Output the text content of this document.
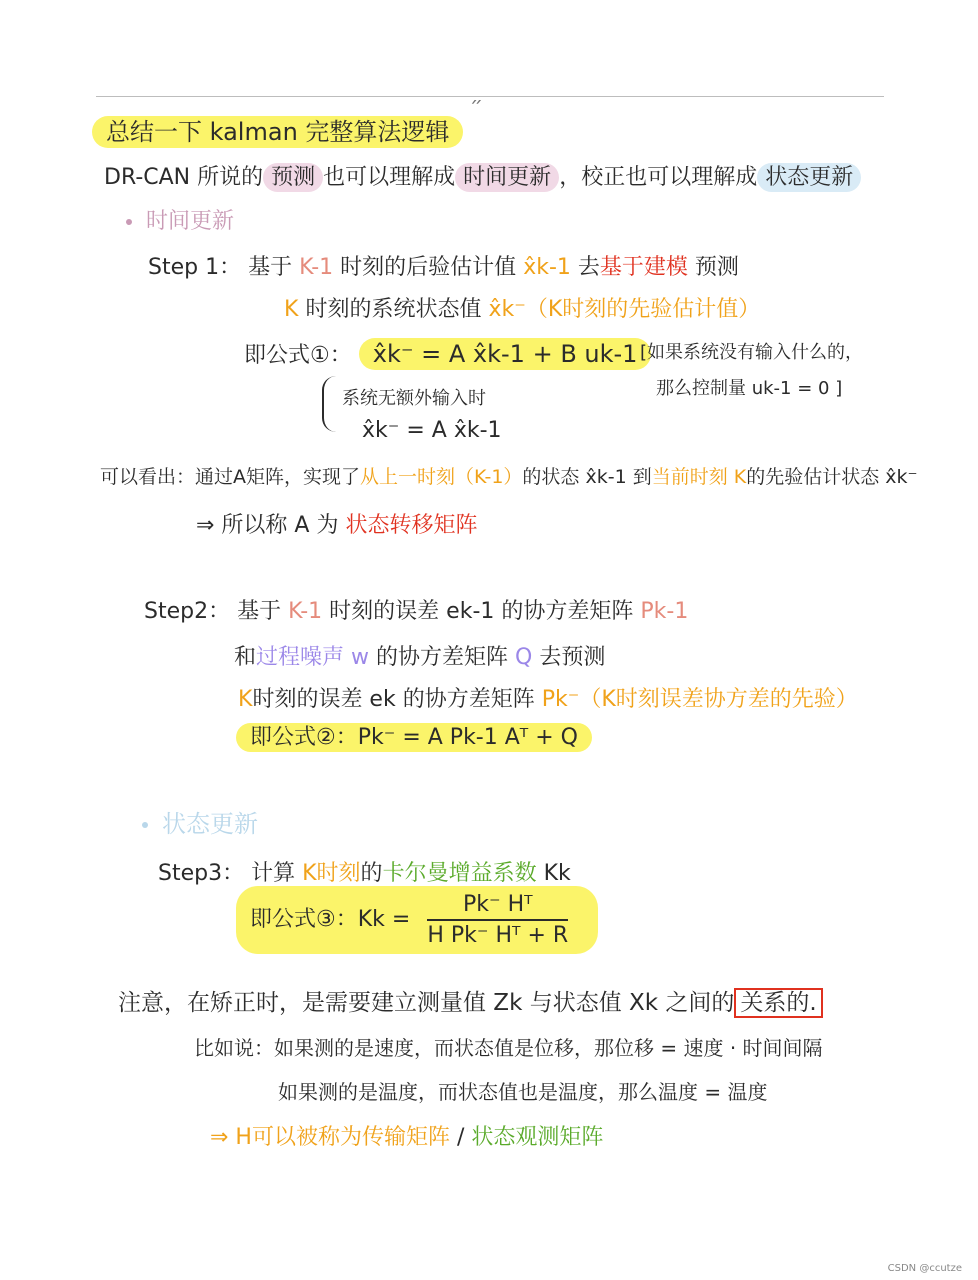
״
总结一下 kalman 完整算法逻辑
DR-CAN 所说的 预测 也可以理解成 时间更新 ，校正也可以理解成 状态更新
时间更新
Step 1： 基于 K-1 时刻的后验估计值 x̂k-1 去基于建模 预测
K 时刻的系统状态值 x̂k⁻（K时刻的先验估计值）
即公式①： x̂k⁻ = A x̂k-1 + B uk-1 [如果系统没有输入什么的，
那么控制量 uk-1 = 0 ]
系统无额外输入时
x̂k⁻ = A x̂k-1
可以看出：通过A矩阵，实现了从上一时刻（K-1）的状态 x̂k-1 到当前时刻 K的先验估计状态 x̂k⁻
⇒ 所以称 A 为 状态转移矩阵
Step2： 基于 K-1 时刻的误差 ek-1 的协方差矩阵 Pk-1
和过程噪声 w 的协方差矩阵 Q 去预测
K时刻的误差 ek 的协方差矩阵 Pk⁻（K时刻误差协方差的先验）
即公式②：Pk⁻ = A Pk-1 Aᵀ + Q
状态更新
Step3： 计算 K时刻的卡尔曼增益系数 Kk
即公式③：$Kk = \frac{\text{Pk⁻ Hᵀ}}{\text{H Pk⁻ Hᵀ + R}}$
注意，在矫正时，是需要建立测量值 Zk 与状态值 Xk 之间的 关系的.
比如说：如果测的是速度，而状态值是位移，那位移 = 速度 · 时间间隔
如果测的是温度，而状态值也是温度，那么温度 = 温度
⇒ H可以被称为传输矩阵 / 状态观测矩阵
CSDN @ccutze
